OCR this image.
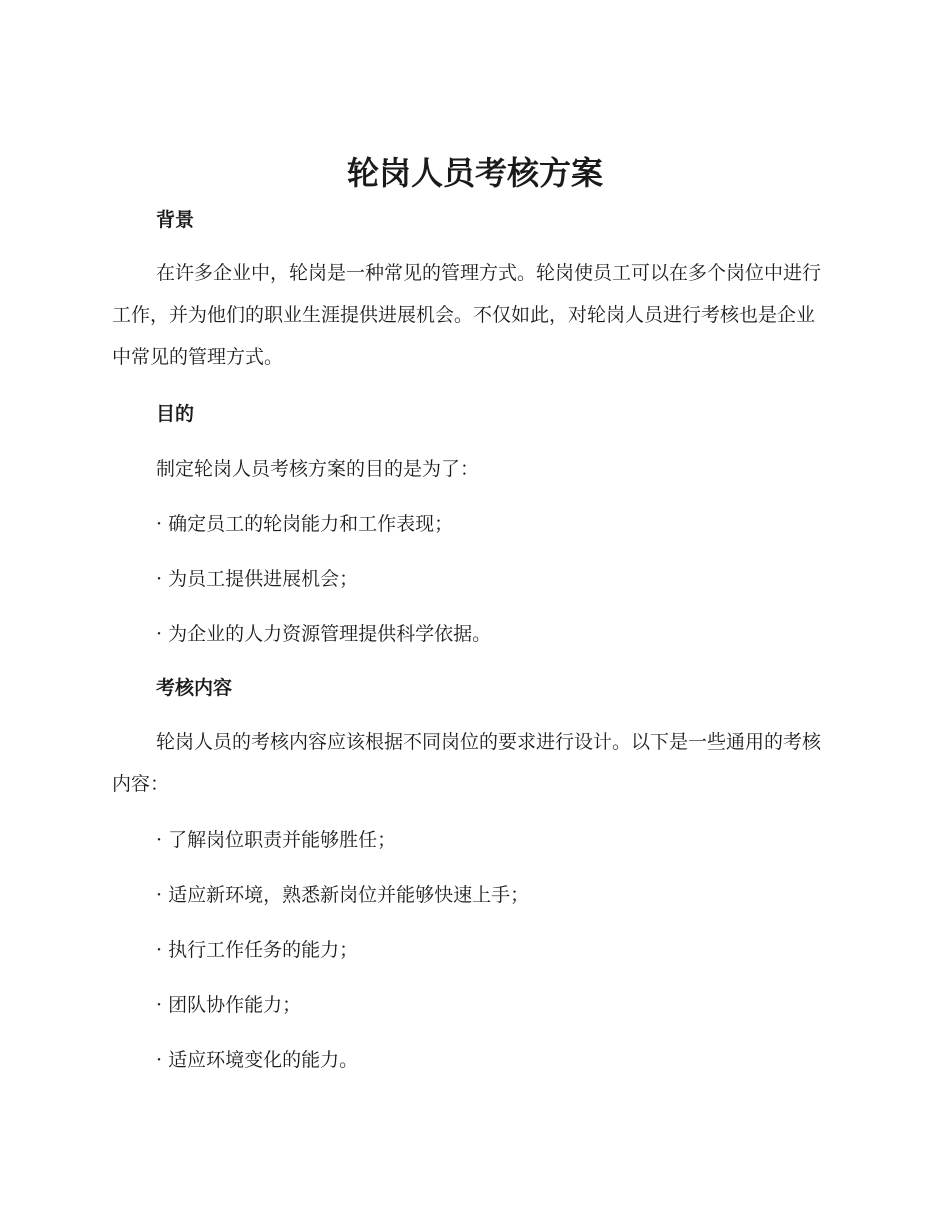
轮岗人员考核方案
背景

在许多企业中，轮岗是一种常见的管理方式。轮岗使员工可以在多个岗位中进行工作，并为他们的职业生涯提供进展机会。不仅如此，对轮岗人员进行考核也是企业中常见的管理方式。

目的

制定轮岗人员考核方案的目的是为了：

· 确定员工的轮岗能力和工作表现；

· 为员工提供进展机会；

· 为企业的人力资源管理提供科学依据。

考核内容

轮岗人员的考核内容应该根据不同岗位的要求进行设计。以下是一些通用的考核内容：

· 了解岗位职责并能够胜任；

· 适应新环境，熟悉新岗位并能够快速上手；

· 执行工作任务的能力；

· 团队协作能力；

· 适应环境变化的能力。
